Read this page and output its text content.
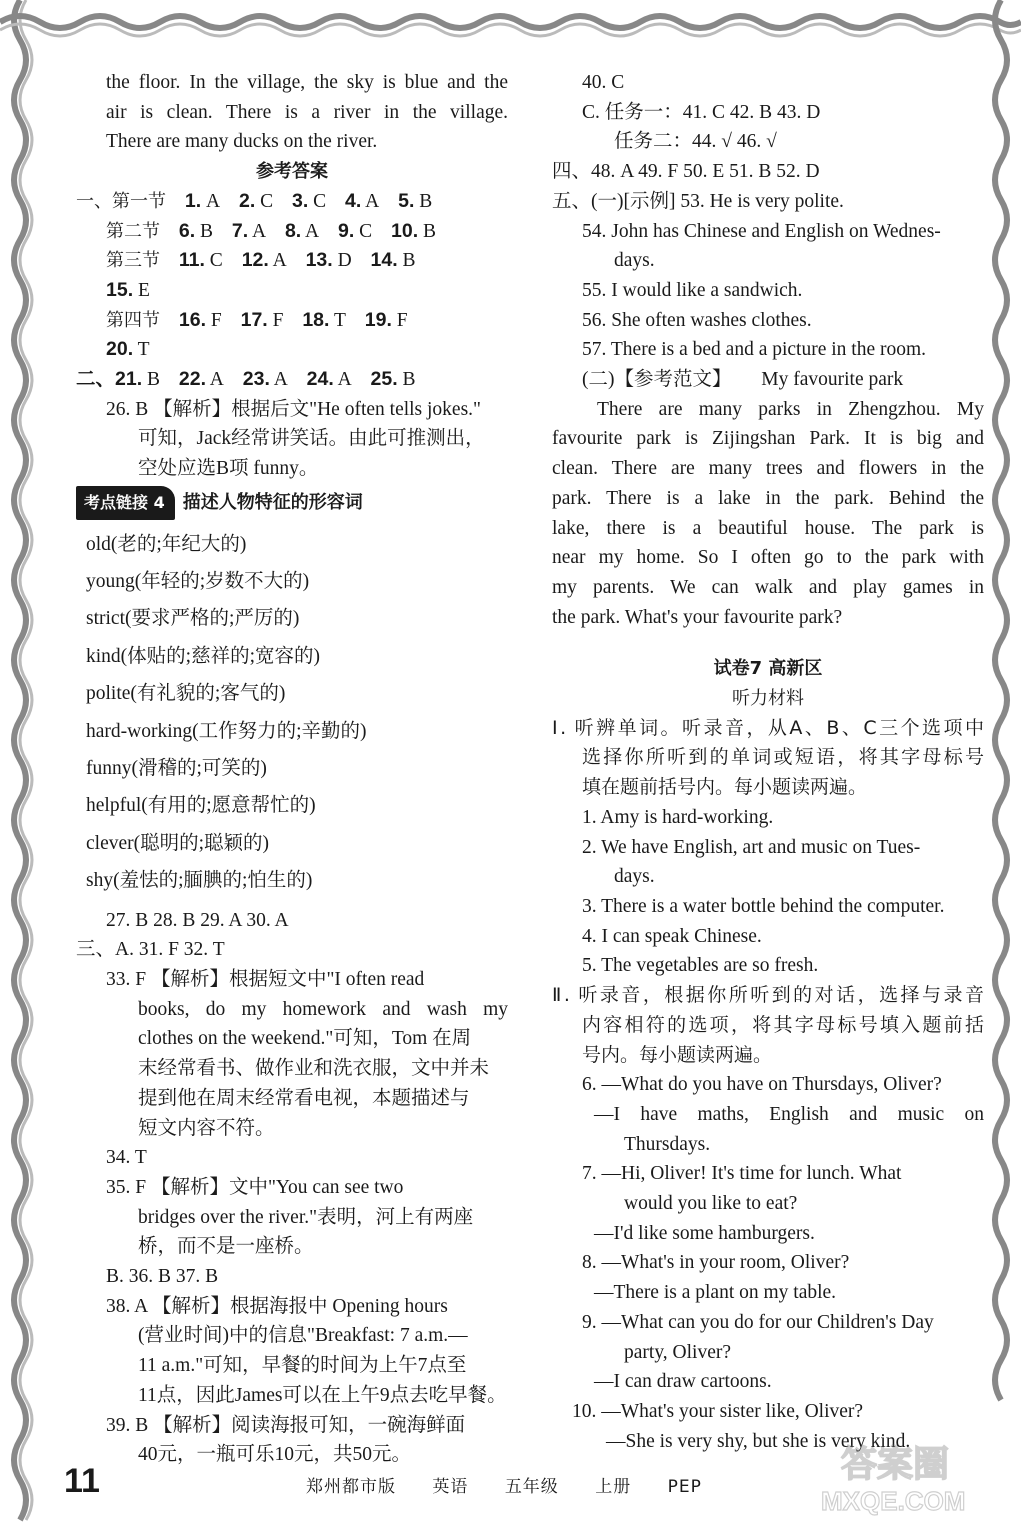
the floor. In the village, the sky is blue and the
air is clean. There is a river in the village.
There are many ducks on the river.
参考答案
一、第一节 1. A 2. C 3. C 4. A 5. B
第二节 6. B 7. A 8. A 9. C 10. B
第三节 11. C 12. A 13. D 14. B
15. E
第四节 16. F 17. F 18. T 19. F
20. T
二、21. B 22. A 23. A 24. A 25. B
26. B 【解析】根据后文"He often tells jokes."
可知，Jack经常讲笑话。由此可推测出，
空处应选B项 funny。
考点链接 4	描述人物特征的形容词
old(老的;年纪大的)
young(年轻的;岁数不大的)
strict(要求严格的;严厉的)
kind(体贴的;慈祥的;宽容的)
polite(有礼貌的;客气的)
hard-working(工作努力的;辛勤的)
funny(滑稽的;可笑的)
helpful(有用的;愿意帮忙的)
clever(聪明的;聪颖的)
shy(羞怯的;腼腆的;怕生的)
27. B 28. B 29. A 30. A
三、A. 31. F 32. T
33. F 【解析】根据短文中"I often read
books, do my homework and wash my
clothes on the weekend."可知，Tom 在周
末经常看书、做作业和洗衣服，文中并未
提到他在周末经常看电视，本题描述与
短文内容不符。
34. T
35. F 【解析】文中"You can see two
bridges over the river."表明，河上有两座
桥，而不是一座桥。
B. 36. B 37. B
38. A 【解析】根据海报中 Opening hours
(营业时间)中的信息"Breakfast: 7 a.m.—
11 a.m."可知，早餐的时间为上午7点至
11点，因此James可以在上午9点去吃早餐。
39. B 【解析】阅读海报可知，一碗海鲜面
40元，一瓶可乐10元，共50元。
40. C
C. 任务一：41. C 42. B 43. D
任务二：44. √ 46. √
四、48. A 49. F 50. E 51. B 52. D
五、(一)[示例] 53. He is very polite.
54. John has Chinese and English on Wednes-
days.
55. I would like a sandwich.
56. She often washes clothes.
57. There is a bed and a picture in the room.
(二)【参考范文】 My favourite park
There are many parks in Zhengzhou. My
favourite park is Zijingshan Park. It is big and
clean. There are many trees and flowers in the
park. There is a lake in the park. Behind the
lake, there is a beautiful house. The park is
near my home. So I often go to the park with
my parents. We can walk and play games in
the park. What's your favourite park?
试卷7 高新区
听力材料
Ⅰ. 听辨单词。听录音，从A、B、C三个选项中
选择你所听到的单词或短语，将其字母标号
填在题前括号内。每小题读两遍。
1. Amy is hard-working.
2. We have English, art and music on Tues-
days.
3. There is a water bottle behind the computer.
4. I can speak Chinese.
5. The vegetables are so fresh.
Ⅱ. 听录音，根据你所听到的对话，选择与录音
内容相符的选项，将其字母标号填入题前括
号内。每小题读两遍。
6. —What do you have on Thursdays, Oliver?
—I have maths, English and music on
Thursdays.
7. —Hi, Oliver! It's time for lunch. What
would you like to eat?
—I'd like some hamburgers.
8. —What's in your room, Oliver?
—There is a plant on my table.
9. —What can you do for our Children's Day
party, Oliver?
—I can draw cartoons.
10. —What's your sister like, Oliver?
—She is very shy, but she is very kind.
11	郑州都市版 英语 五年级 上册 PEP
答案圈
MXQE.COM
